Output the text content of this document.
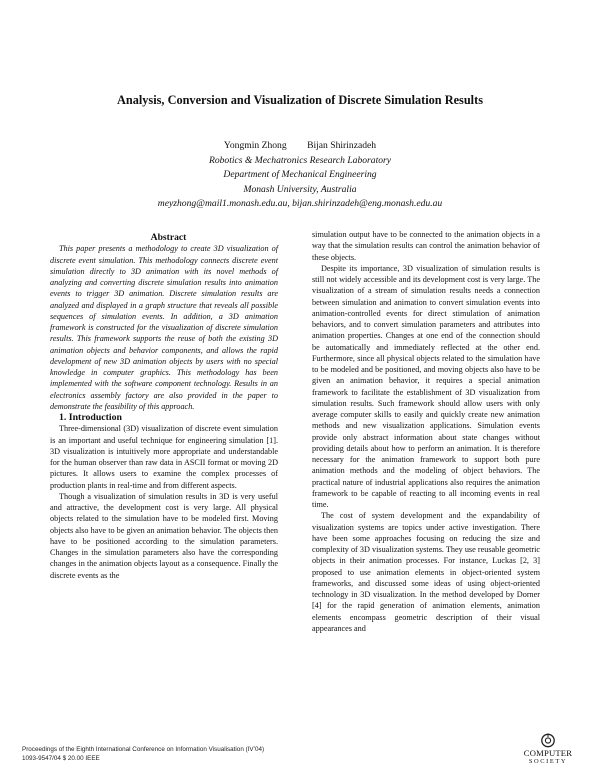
Analysis, Conversion and Visualization of Discrete Simulation Results
Yongmin Zhong Bijan Shirinzadeh
Robotics & Mechatronics Research Laboratory
Department of Mechanical Engineering
Monash University, Australia
meyzhong@mail1.monash.edu.au, bijan.shirinzadeh@eng.monash.edu.au

Abstract

This paper presents a methodology to create 3D visualization of discrete event simulation. This methodology connects discrete event simulation directly to 3D animation with its novel methods of analyzing and converting discrete simulation results into animation events to trigger 3D animation. Discrete simulation results are analyzed and displayed in a graph structure that reveals all possible sequences of simulation events. In addition, a 3D animation framework is constructed for the visualization of discrete simulation results. This framework supports the reuse of both the existing 3D animation objects and behavior components, and allows the rapid development of new 3D animation objects by users with no special knowledge in computer graphics. This methodology has been implemented with the software component technology. Results in an electronics assembly factory are also provided in the paper to demonstrate the feasibility of this approach.

1. Introduction

Three-dimensional (3D) visualization of discrete event simulation is an important and useful technique for engineering simulation [1]. 3D visualization is intuitively more appropriate and understandable for the human observer than raw data in ASCII format or moving 2D pictures. It allows users to examine the complex processes of production plants in real-time and from different aspects.

Though a visualization of simulation results in 3D is very useful and attractive, the development cost is very large. All physical objects related to the simulation have to be modeled first. Moving objects also have to be given an animation behavior. The objects then have to be positioned according to the simulation parameters. Changes in the simulation parameters also have the corresponding changes in the animation objects layout as a consequence. Finally the discrete events as the

simulation output have to be connected to the animation objects in a way that the simulation results can control the animation behavior of these objects.

Despite its importance, 3D visualization of simulation results is still not widely accessible and its development cost is very large. The visualization of a stream of simulation results needs a connection between simulation and animation to convert simulation events into animation-controlled events for direct stimulation of animation behaviors, and to convert simulation parameters and attributes into animation properties. Changes at one end of the connection should be automatically and immediately reflected at the other end. Furthermore, since all physical objects related to the simulation have to be modeled and be positioned, and moving objects also have to be given an animation behavior, it requires a special animation framework to facilitate the establishment of 3D visualization from simulation results. Such framework should allow users with only average computer skills to easily and quickly create new animation methods and new visualization applications. Simulation events provide only abstract information about state changes without providing details about how to perform an animation. It is therefore necessary for the animation framework to support both pure animation methods and the modeling of object behaviors. The practical nature of industrial applications also requires the animation framework to be capable of reacting to all incoming events in real time.

The cost of system development and the expandability of visualization systems are topics under active investigation. There have been some approaches focusing on reducing the size and complexity of 3D visualization systems. They use reusable geometric objects in their animation processes. For instance, Luckas [2, 3] proposed to use animation elements in object-oriented system frameworks, and discussed some ideas of using object-oriented technology in 3D visualization. In the method developed by Dorner [4] for the rapid generation of animation elements, animation elements encompass geometric description of their visual appearances and

Proceedings of the Eighth International Conference on Information Visualisation (IV’04)
1093-9547/04 $ 20.00 IEEE
COMPUTER
SOCIETY
